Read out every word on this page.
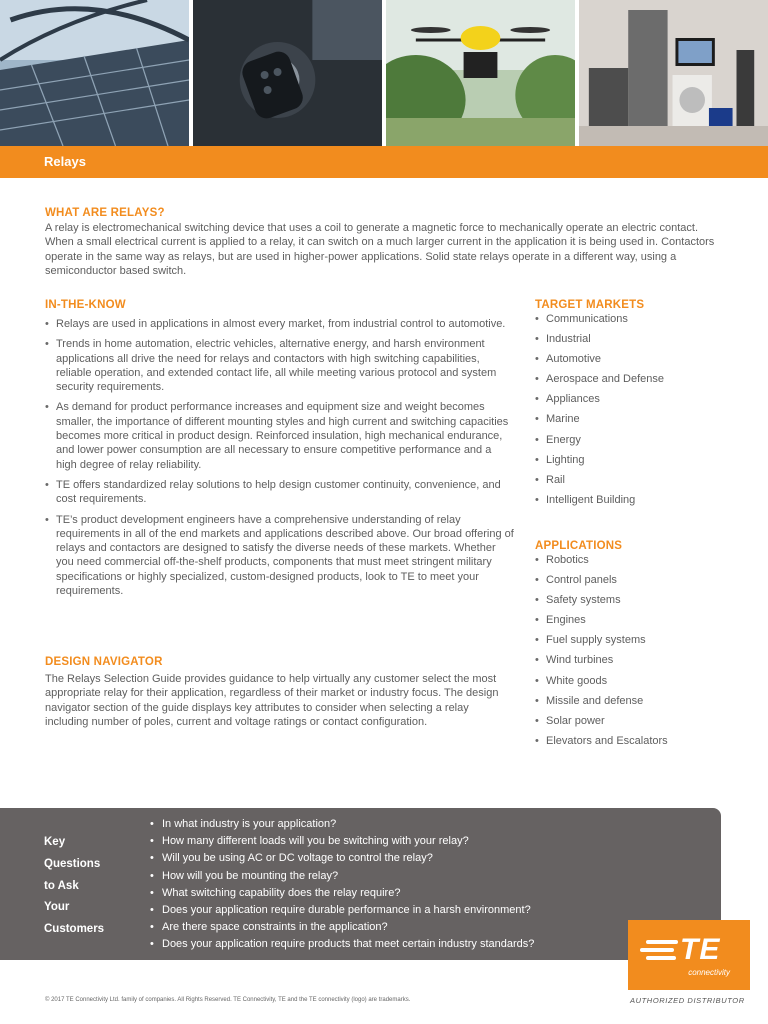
Relays
WHAT ARE RELAYS?

A relay is electromechanical switching device that uses a coil to generate a magnetic force to mechanically operate an electric contact. When a small electrical current is applied to a relay, it can switch on a much larger current in the application it is being used in. Contactors operate in the same way as relays, but are used in higher-power applications. Solid state relays operate in a different way, using a semiconductor based switch.

IN-THE-KNOW
• Relays are used in applications in almost every market, from industrial control to automotive.
• Trends in home automation, electric vehicles, alternative energy, and harsh environment applications all drive the need for relays and contactors with high switching capabilities, reliable operation, and extended contact life, all while meeting various protocol and system security requirements.
• As demand for product performance increases and equipment size and weight becomes smaller, the importance of different mounting styles and high current and switching capacities becomes more critical in product design. Reinforced insulation, high mechanical endurance, and lower power consumption are all necessary to ensure competitive performance and a high degree of relay reliability.
• TE offers standardized relay solutions to help design customer continuity, convenience, and cost requirements.
• TE’s product development engineers have a comprehensive understanding of relay requirements in all of the end markets and applications described above. Our broad offering of relays and contactors are designed to satisfy the diverse needs of these markets. Whether you need commercial off-the-shelf products, components that must meet stringent military specifications or highly specialized, custom-designed products, look to TE to meet your requirements.
DESIGN NAVIGATOR

The Relays Selection Guide provides guidance to help virtually any customer select the most appropriate relay for their application, regardless of their market or industry focus. The design navigator section of the guide displays key attributes to consider when selecting a relay including number of poles, current and voltage ratings or contact configuration.

TARGET MARKETS
• Communications
• Industrial
• Automotive
• Aerospace and Defense
• Appliances
• Marine
• Energy
• Lighting
• Rail
• Intelligent Building
APPLICATIONS
• Robotics
• Control panels
• Safety systems
• Engines
• Fuel supply systems
• Wind turbines
• White goods
• Missile and defense
• Solar power
• Elevators and Escalators
Key
Questions
to Ask
Your
Customers
• In what industry is your application?
• How many different loads will you be switching with your relay?
• Will you be using AC or DC voltage to control the relay?
• How will you be mounting the relay?
• What switching capability does the relay require?
• Does your application require durable performance in a harsh environment?
• Are there space constraints in the application?
• Does your application require products that meet certain industry standards?	TE
connectivity
AUTHORIZED DISTRIBUTOR
© 2017 TE Connectivity Ltd. family of companies. All Rights Reserved. TE Connectivity, TE and the TE connectivity (logo) are trademarks.
